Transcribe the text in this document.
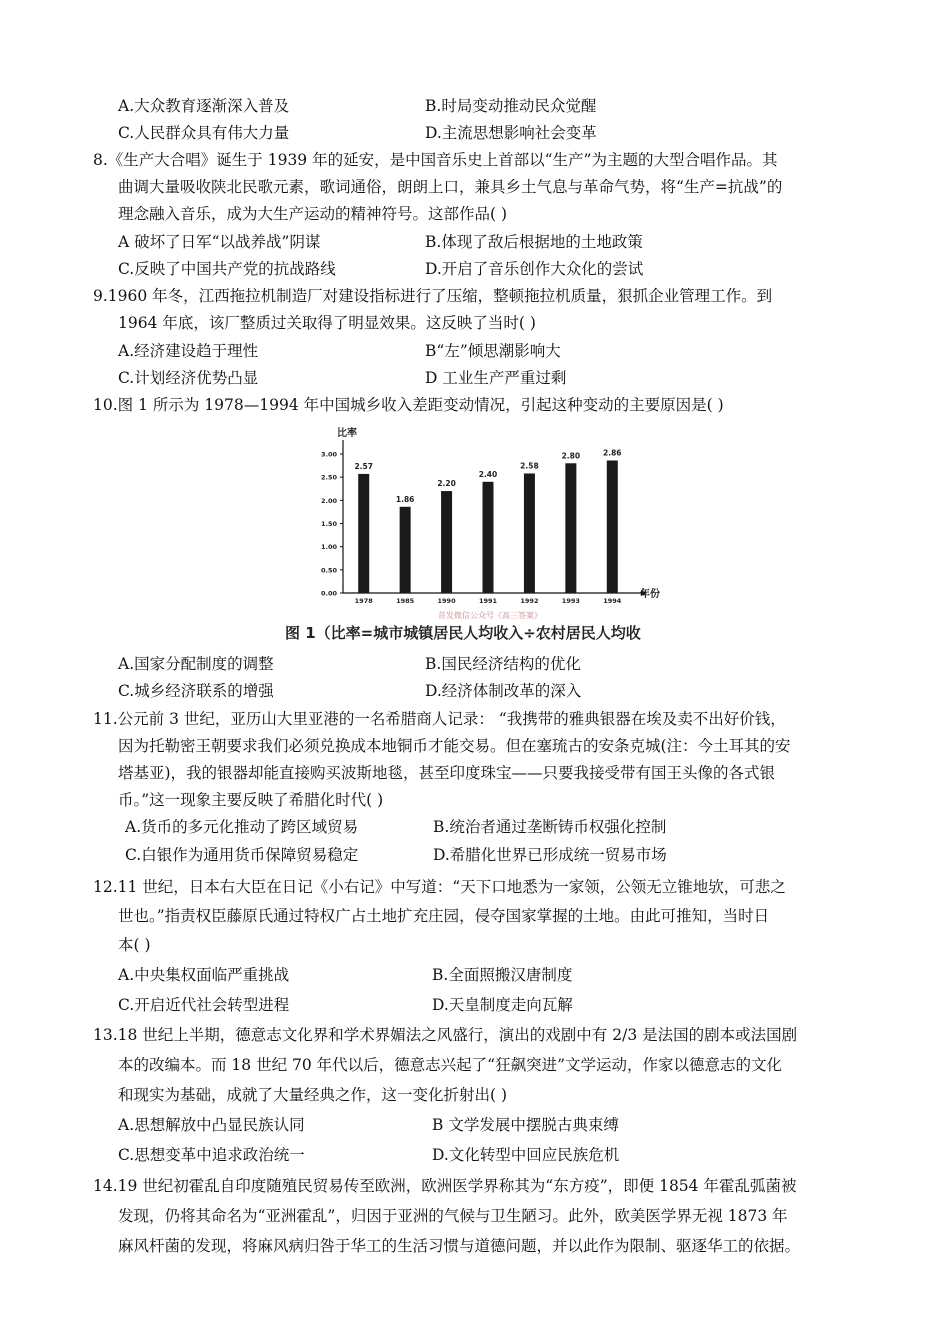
A.大众教育逐渐深入普及	B.时局变动推动民众觉醒
C.人民群众具有伟大力量	D.主流思想影响社会变革
8.《生产大合唱》诞生于 1939 年的延安，是中国音乐史上首部以“生产”为主题的大型合唱作品。其
曲调大量吸收陕北民歌元素，歌词通俗，朗朗上口，兼具乡土气息与革命气势，将“生产=抗战”的
理念融入音乐，成为大生产运动的精神符号。这部作品( )
A 破坏了日军“以战养战”阴谋	B.体现了敌后根据地的土地政策
C.反映了中国共产党的抗战路线	D.开启了音乐创作大众化的尝试
9.1960 年冬，江西拖拉机制造厂对建设指标进行了压缩，整顿拖拉机质量，狠抓企业管理工作。到
1964 年底，该厂整质过关取得了明显效果。这反映了当时( )
A.经济建设趋于理性	B“左”倾思潮影响大
C.计划经济优势凸显	D 工业生产严重过剩
10.图 1 所示为 1978—1994 年中国城乡收入差距变动情况，引起这种变动的主要原因是( )
3.00
2.50
2.00
1.50
1.00
0.50
0.00
2.57
1.86
2.20
2.40
2.58
2.80	2.86
1978	1985	1990	1991	1992	1993	1994
比率
年份
首发微信公众号《高三答案》
图 1（比率=城市城镇居民人均收入÷农村居民人均收
A.国家分配制度的调整	B.国民经济结构的优化
C.城乡经济联系的增强	D.经济体制改革的深入
11.公元前 3 世纪，亚历山大里亚港的一名希腊商人记录： “我携带的雅典银器在埃及卖不出好价钱，
因为托勒密王朝要求我们必须兑换成本地铜币才能交易。但在塞琉古的安条克城(注：今土耳其的安
塔基亚)，我的银器却能直接购买波斯地毯，甚至印度珠宝——只要我接受带有国王头像的各式银
币。”这一现象主要反映了希腊化时代( )
A.货币的多元化推动了跨区域贸易	B.统治者通过垄断铸币权强化控制
C.白银作为通用货币保障贸易稳定	D.希腊化世界已形成统一贸易市场
12.11 世纪，日本右大臣在日记《小右记》中写道：“天下口地悉为一家领，公领无立锥地欤，可悲之
世也。”指责权臣藤原氏通过特权广占土地扩充庄园，侵夺国家掌握的土地。由此可推知，当时日
本( )
A.中央集权面临严重挑战	B.全面照搬汉唐制度
C.开启近代社会转型进程	D.天皇制度走向瓦解
13.18 世纪上半期，德意志文化界和学术界媚法之风盛行，演出的戏剧中有 2/3 是法国的剧本或法国剧
本的改编本。而 18 世纪 70 年代以后，德意志兴起了“狂飙突进”文学运动，作家以德意志的文化
和现实为基础，成就了大量经典之作，这一变化折射出( )
A.思想解放中凸显民族认同	B 文学发展中摆脱古典束缚
C.思想变革中追求政治统一	D.文化转型中回应民族危机
14.19 世纪初霍乱自印度随殖民贸易传至欧洲，欧洲医学界称其为“东方疫”，即便 1854 年霍乱弧菌被
发现，仍将其命名为“亚洲霍乱”，归因于亚洲的气候与卫生陋习。此外，欧美医学界无视 1873 年
麻风杆菌的发现，将麻风病归咎于华工的生活习惯与道德问题，并以此作为限制、驱逐华工的依据。
